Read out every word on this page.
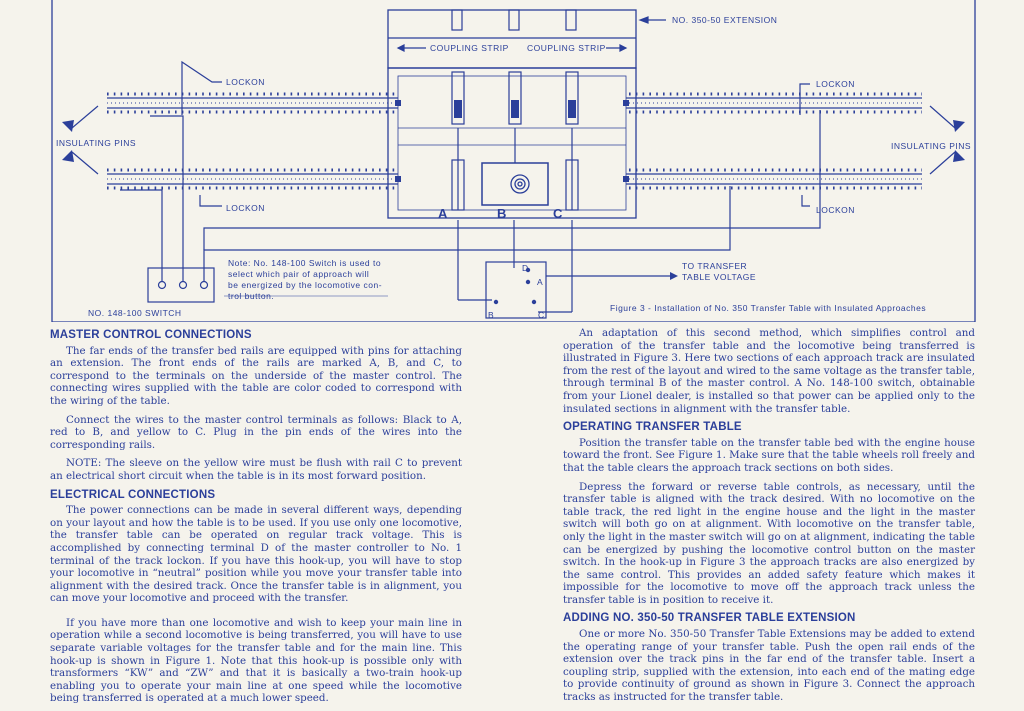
NO. 350-50 EXTENSION
COUPLING STRIP COUPLING STRIP
LOCKON	LOCKON
LOCKON	LOCKON
INSULATING PINS	INSULATING PINS
A	B	C
NO. 148-100 SWITCH
Note: No. 148-100 Switch is used to
select which pair of approach will
be energized by the locomotive con-
trol button.
TO TRANSFER
TABLE VOLTAGE
D
A
B	C
Figure 3 - Installation of No. 350 Transfer Table with Insulated Approaches
MASTER CONTROL CONNECTIONS

The far ends of the transfer bed rails are equipped with pins for attaching an extension. The front ends of the rails are marked A, B, and C, to correspond to the terminals on the underside of the master control. The connecting wires supplied with the table are color coded to correspond with the wiring of the table.

Connect the wires to the master control terminals as follows: Black to A, red to B, and yellow to C. Plug in the pin ends of the wires into the corresponding rails.

NOTE: The sleeve on the yellow wire must be flush with rail C to prevent an electrical short circuit when the table is in its most forward position.

ELECTRICAL CONNECTIONS

The power connections can be made in several different ways, depending on your layout and how the table is to be used. If you use only one locomotive, the transfer table can be operated on regular track voltage. This is accomplished by connecting terminal D of the master controller to No. 1 terminal of the track lockon. If you have this hook-up, you will have to stop your locomotive in “neutral” position while you move your transfer table into alignment with the desired track. Once the transfer table is in alignment, you can move your locomotive and proceed with the transfer.

If you have more than one locomotive and wish to keep your main line in operation while a second locomotive is being transferred, you will have to use separate variable voltages for the transfer table and for the main line. This hook-up is shown in Figure 1. Note that this hook-up is possible only with transformers “KW” and “ZW” and that it is basically a two-train hook-up enabling you to operate your main line at one speed while the locomotive being transferred is operated at a much lower speed.

An adaptation of this second method, which simplifies control and operation of the transfer table and the locomotive being transferred is illustrated in Figure 3. Here two sections of each approach track are insulated from the rest of the layout and wired to the same voltage as the transfer table, through terminal B of the master control. A No. 148-100 switch, obtainable from your Lionel dealer, is installed so that power can be applied only to the insulated sections in alignment with the transfer table.

OPERATING TRANSFER TABLE

Position the transfer table on the transfer table bed with the engine house toward the front. See Figure 1. Make sure that the table wheels roll freely and that the table clears the approach track sections on both sides.

Depress the forward or reverse table controls, as necessary, until the transfer table is aligned with the track desired. With no locomotive on the table track, the red light in the engine house and the light in the master switch will both go on at alignment. With locomotive on the transfer table, only the light in the master switch will go on at alignment, indicating the table can be energized by pushing the locomotive control button on the master switch. In the hook-up in Figure 3 the approach tracks are also energized by the same control. This provides an added safety feature which makes it impossible for the locomotive to move off the approach track unless the transfer table is in position to receive it.

ADDING NO. 350-50 TRANSFER TABLE EXTENSION

One or more No. 350-50 Transfer Table Extensions may be added to extend the operating range of your transfer table. Push the open rail ends of the extension over the track pins in the far end of the transfer table. Insert a coupling strip, supplied with the extension, into each end of the mating edge to provide continuity of ground as shown in Figure 3. Connect the approach tracks as instructed for the transfer table.
